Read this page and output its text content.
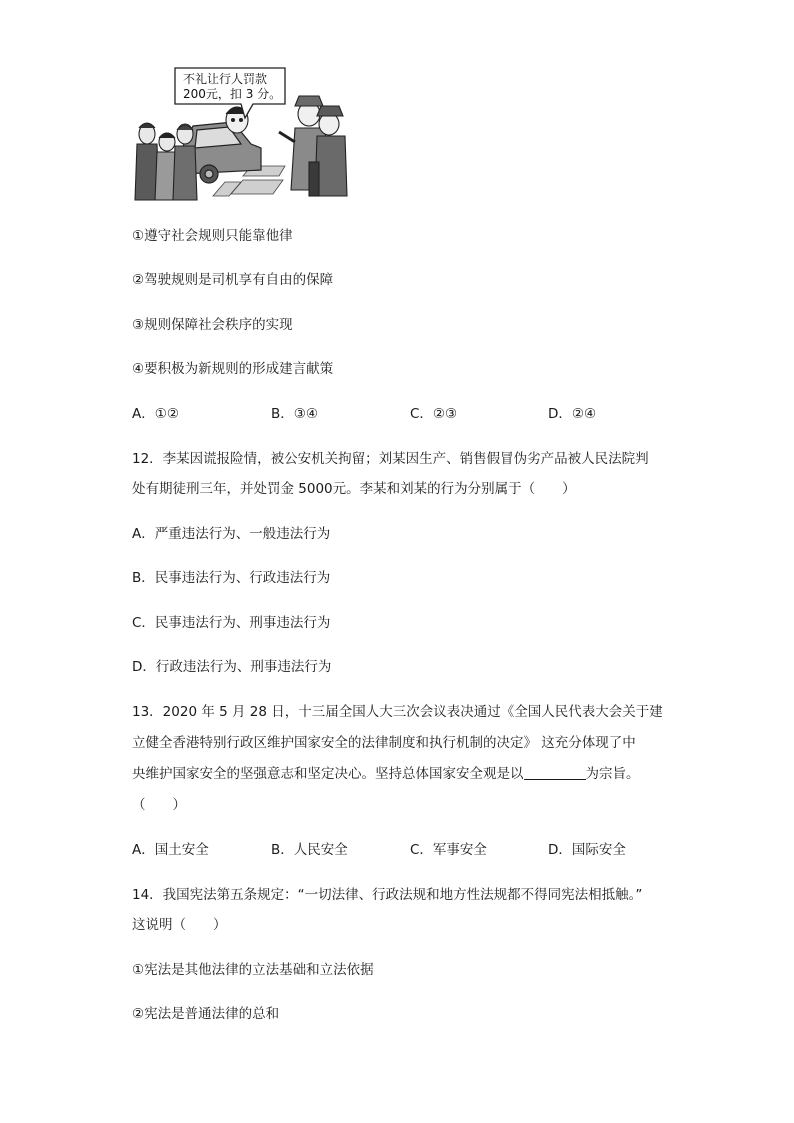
不礼让行人罚款
200元，扣 3 分。
①遵守社会规则只能靠他律
②驾驶规则是司机享有自由的保障
③规则保障社会秩序的实现
④要积极为新规则的形成建言献策
A．①②	B．③④	C．②③	D．②④
12．李某因谎报险情，被公安机关拘留；刘某因生产、销售假冒伪劣产品被人民法院判
处有期徒刑三年，并处罚金 5000元。李某和刘某的行为分别属于（　　）
A．严重违法行为、一般违法行为
B．民事违法行为、行政违法行为
C．民事违法行为、刑事违法行为
D．行政违法行为、刑事违法行为
13．2020 年 5 月 28 日，十三届全国人大三次会议表决通过《全国人民代表大会关于建
立健全香港特别行政区维护国家安全的法律制度和执行机制的决定》 这充分体现了中
央维护国家安全的坚强意志和坚定决心。坚持总体国家安全观是以	为宗旨。
（　　）
A．国土安全	B．人民安全	C．军事安全	D．国际安全
14．我国宪法第五条规定：“一切法律、行政法规和地方性法规都不得同宪法相抵触。”
这说明（　　）
①宪法是其他法律的立法基础和立法依据
②宪法是普通法律的总和
